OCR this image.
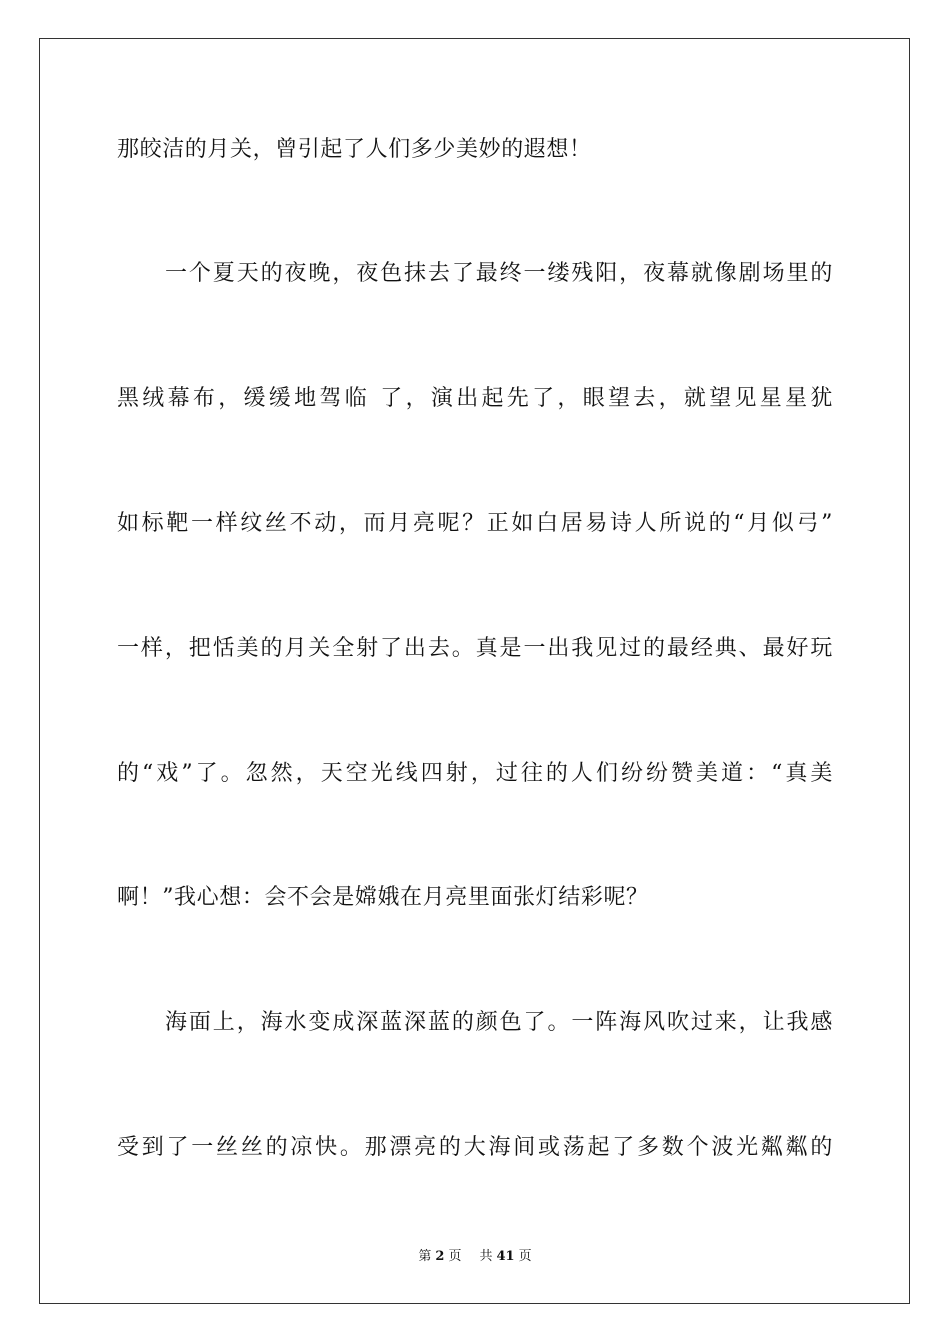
那皎洁的月关，曾引起了人们多少美妙的遐想！
一个夏天的夜晚，夜色抹去了最终一缕残阳，夜幕就像剧场里的
黑绒幕布，缓缓地驾临 了，演出起先了，眼望去，就望见星星犹
如标靶一样纹丝不动，而月亮呢？正如白居易诗人所说的“月似弓”
一样，把恬美的月关全射了出去。真是一出我见过的最经典、最好玩
的“戏”了。忽然，天空光线四射，过往的人们纷纷赞美道：“真美
啊！”我心想：会不会是嫦娥在月亮里面张灯结彩呢？
海面上，海水变成深蓝深蓝的颜色了。一阵海风吹过来，让我感
受到了一丝丝的凉快。那漂亮的大海间或荡起了多数个波光粼粼的
第 2 页 共 41 页
